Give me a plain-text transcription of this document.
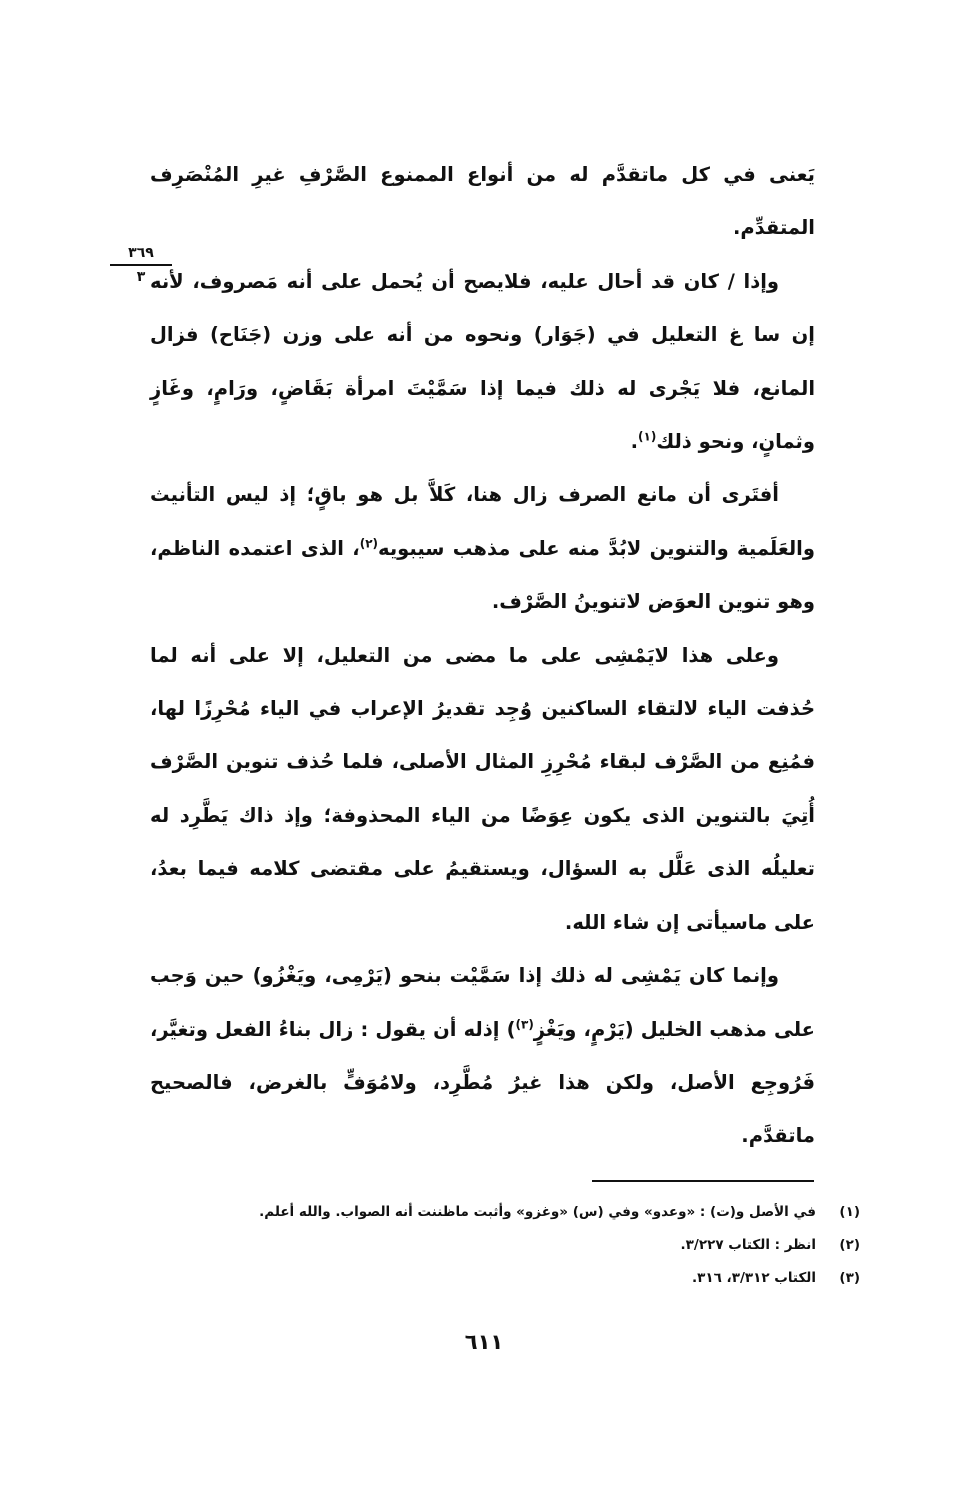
يَعنى في كل ماتقدَّم له من أنواع الممنوع الصَّرْفِ غيرِ المُنْصَرِف المتقدِّم.

وإذا / كان قد أحال عليه، فلايصح أن يُحمل على أنه مَصروف، لأنه إن سا غ التعليل في (جَوَار) ونحوه من أنه على وزن (جَنَاح) فزال المانع، فلا يَجْرى له ذلك فيما إذا سَمَّيْتَ امرأة بَقَاضٍ، ورَامٍ، وغَازٍ وثمانٍ، ونحو ذلك$^{(١)}$.

أفتَرى أن مانع الصرف زال هنا، كَلاَّ بل هو باقٍ؛ إذ ليس التأنيث والعَلَمية والتنوين لابُدَّ منه على مذهب سيبويه$^{(٢)}$، الذى اعتمده الناظم، وهو تنوين العوَض لاتنوينُ الصَّرْف.

وعلى هذا لايَمْشِى على ما مضى من التعليل، إلا على أنه لما حُذفت الياء لالتقاء الساكنين وُجِد تقديرُ الإعراب في الياء مُحْرِزًا لها، فمُنِع من الصَّرْف لبقاء مُحْرِزِ المثال الأصلى، فلما حُذف تنوين الصَّرْف أُتِيَ بالتنوين الذى يكون عِوَضًا من الياء المحذوفة؛ وإذ ذاك يَطَّرِد له تعليلُه الذى عَلَّل به السؤال، ويستقيمُ على مقتضى كلامه فيما بعدُ، على ماسيأتى إن شاء الله.

وإنما كان يَمْشِى له ذلك إذا سَمَّيْت بنحو (يَرْمِى، ويَغْزُو) حين وَجب على مذهب الخليل (يَرْمٍ، ويَغْزٍ$^{(٣)}$) إذله أن يقول : زال بناءُ الفعل وتغيَّر، فَرُوجِع الأصل، ولكن هذا غيرُ مُطَّرِد، ولامُوَفٍّ بالغرض، فالصحيح ماتقدَّم.

٣٦٩
٣
(١)
في الأصل و(ت) : «وعدو» وفي (س) «وغزو» وأثبت ماظننت أنه الصواب. والله أعلم.
(٢)
انظر : الكتاب ٣/٢٢٧.
(٣)
الكتاب ٣/٣١٢، ٣١٦.
٦١١
